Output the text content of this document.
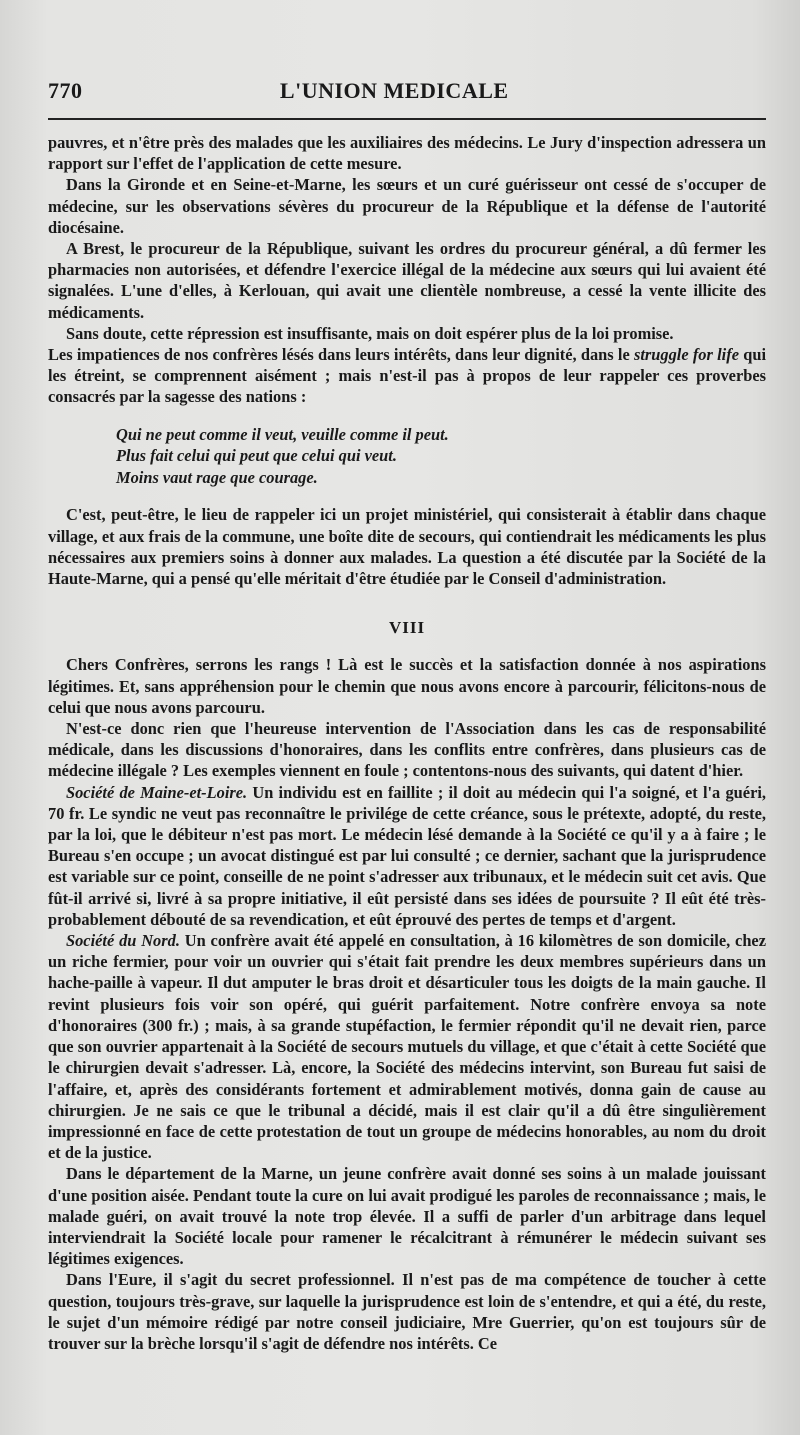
770	L'UNION MEDICALE

pauvres, et n'être près des malades que les auxiliaires des médecins. Le Jury d'inspection adressera un rapport sur l'effet de l'application de cette mesure.

Dans la Gironde et en Seine-et-Marne, les sœurs et un curé guérisseur ont cessé de s'occuper de médecine, sur les observations sévères du procureur de la République et la défense de l'autorité diocésaine.

A Brest, le procureur de la République, suivant les ordres du procureur général, a dû fermer les pharmacies non autorisées, et défendre l'exercice illégal de la médecine aux sœurs qui lui avaient été signalées. L'une d'elles, à Kerlouan, qui avait une clientèle nombreuse, a cessé la vente illicite des médicaments.

Sans doute, cette répression est insuffisante, mais on doit espérer plus de la loi promise.

Les impatiences de nos confrères lésés dans leurs intérêts, dans leur dignité, dans le struggle for life qui les étreint, se comprennent aisément ; mais n'est-il pas à propos de leur rappeler ces proverbes consacrés par la sagesse des nations :

Qui ne peut comme il veut, veuille comme il peut.
Plus fait celui qui peut que celui qui veut.
Moins vaut rage que courage.

C'est, peut-être, le lieu de rappeler ici un projet ministériel, qui consisterait à établir dans chaque village, et aux frais de la commune, une boîte dite de secours, qui contiendrait les médicaments les plus nécessaires aux premiers soins à donner aux malades. La question a été discutée par la Société de la Haute-Marne, qui a pensé qu'elle méritait d'être étudiée par le Conseil d'administration.

VIII

Chers Confrères, serrons les rangs ! Là est le succès et la satisfaction donnée à nos aspirations légitimes. Et, sans appréhension pour le chemin que nous avons encore à parcourir, félicitons-nous de celui que nous avons parcouru.

N'est-ce donc rien que l'heureuse intervention de l'Association dans les cas de responsabilité médicale, dans les discussions d'honoraires, dans les conflits entre confrères, dans plusieurs cas de médecine illégale ? Les exemples viennent en foule ; contentons-nous des suivants, qui datent d'hier.

Société de Maine-et-Loire. Un individu est en faillite ; il doit au médecin qui l'a soigné, et l'a guéri, 70 fr. Le syndic ne veut pas reconnaître le privilége de cette créance, sous le prétexte, adopté, du reste, par la loi, que le débiteur n'est pas mort. Le médecin lésé demande à la Société ce qu'il y a à faire ; le Bureau s'en occupe ; un avocat distingué est par lui consulté ; ce dernier, sachant que la jurisprudence est variable sur ce point, conseille de ne point s'adresser aux tribunaux, et le médecin suit cet avis. Que fût-il arrivé si, livré à sa propre initiative, il eût persisté dans ses idées de poursuite ? Il eût été très-probablement débouté de sa revendication, et eût éprouvé des pertes de temps et d'argent.

Société du Nord. Un confrère avait été appelé en consultation, à 16 kilomètres de son domicile, chez un riche fermier, pour voir un ouvrier qui s'était fait prendre les deux membres supérieurs dans un hache-paille à vapeur. Il dut amputer le bras droit et désarticuler tous les doigts de la main gauche. Il revint plusieurs fois voir son opéré, qui guérit parfaitement. Notre confrère envoya sa note d'honoraires (300 fr.) ; mais, à sa grande stupéfaction, le fermier répondit qu'il ne devait rien, parce que son ouvrier appartenait à la Société de secours mutuels du village, et que c'était à cette Société que le chirurgien devait s'adresser. Là, encore, la Société des médecins intervint, son Bureau fut saisi de l'affaire, et, après des considérants fortement et admirablement motivés, donna gain de cause au chirurgien. Je ne sais ce que le tribunal a décidé, mais il est clair qu'il a dû être singulièrement impressionné en face de cette protestation de tout un groupe de médecins honorables, au nom du droit et de la justice.

Dans le département de la Marne, un jeune confrère avait donné ses soins à un malade jouissant d'une position aisée. Pendant toute la cure on lui avait prodigué les paroles de reconnaissance ; mais, le malade guéri, on avait trouvé la note trop élevée. Il a suffi de parler d'un arbitrage dans lequel interviendrait la Société locale pour ramener le récalcitrant à rémunérer le médecin suivant ses légitimes exigences.

Dans l'Eure, il s'agit du secret professionnel. Il n'est pas de ma compétence de toucher à cette question, toujours très-grave, sur laquelle la jurisprudence est loin de s'entendre, et qui a été, du reste, le sujet d'un mémoire rédigé par notre conseil judiciaire, Mre Guerrier, qu'on est toujours sûr de trouver sur la brèche lorsqu'il s'agit de défendre nos intérêts. Ce
